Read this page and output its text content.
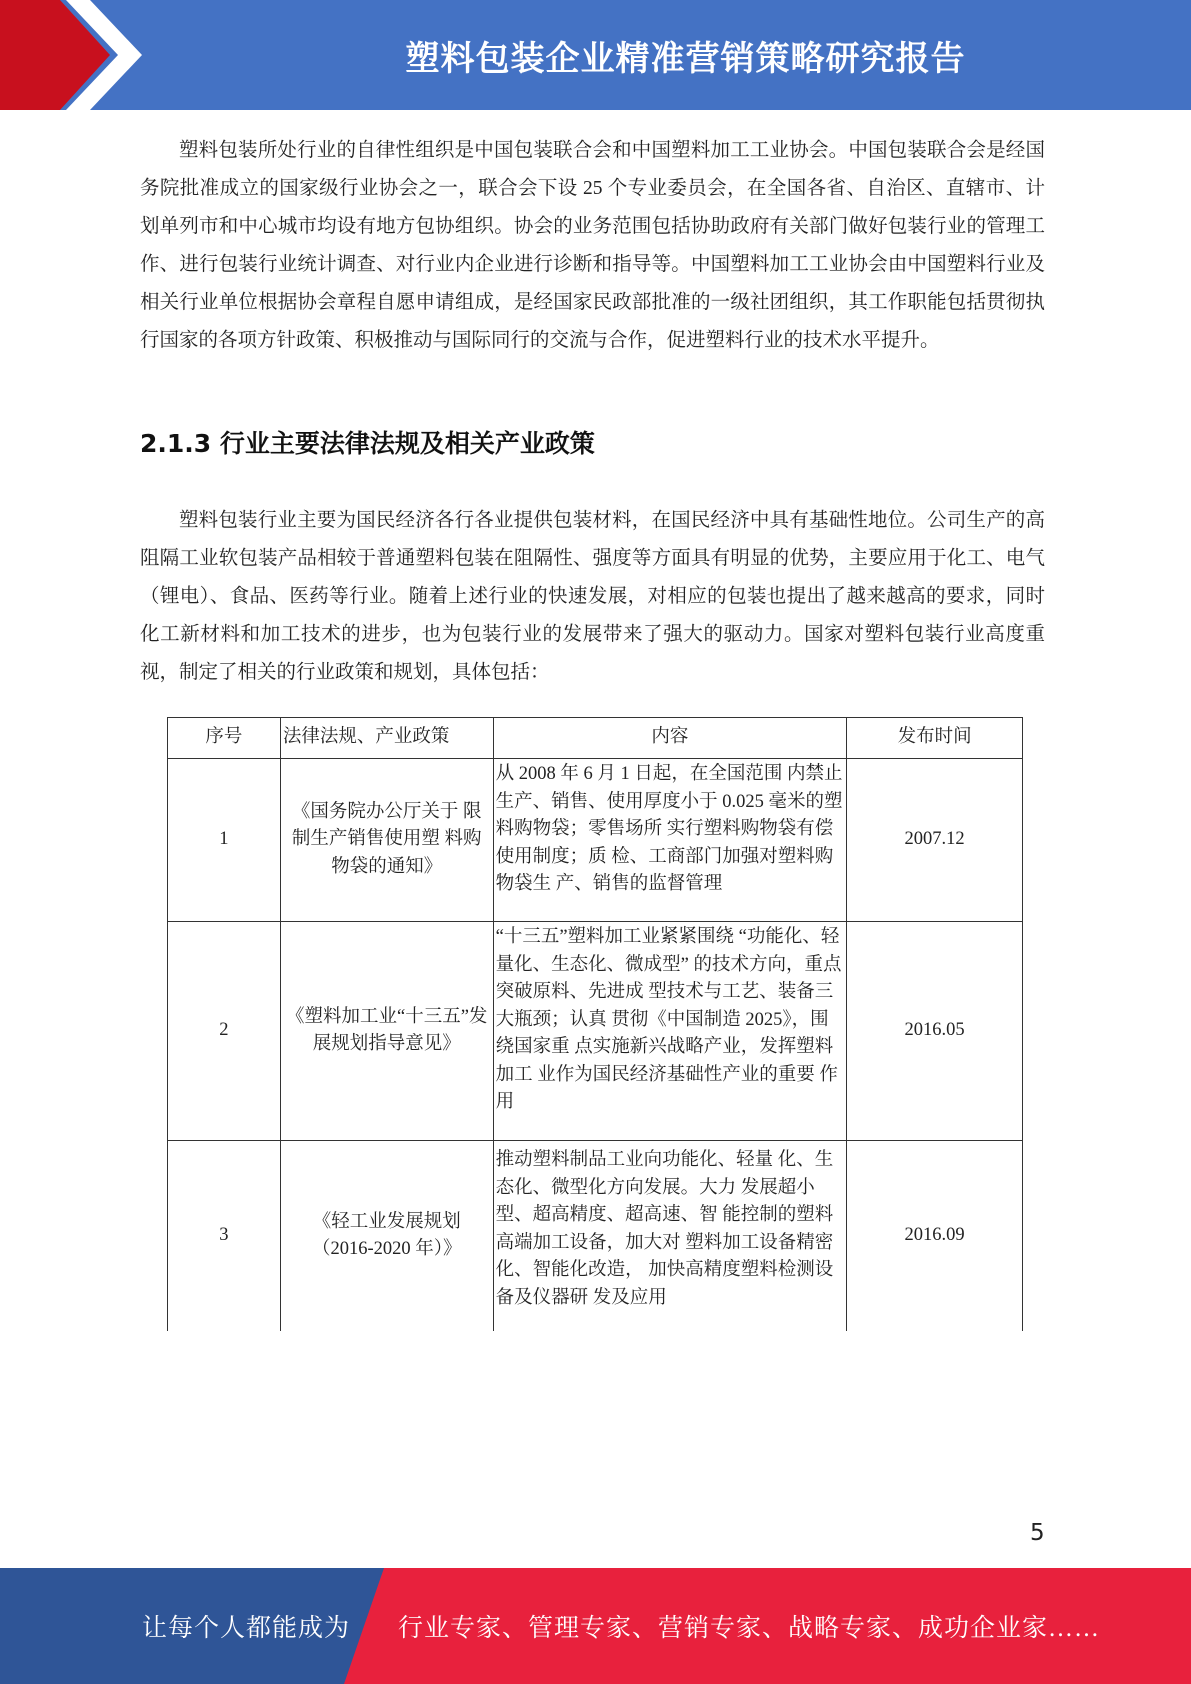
塑料包装企业精准营销策略研究报告

塑料包装所处行业的自律性组织是中国包装联合会和中国塑料加工工业协会。中国包装联合会是经国务院批准成立的国家级行业协会之一，联合会下设 25 个专业委员会，在全国各省、自治区、直辖市、计划单列市和中心城市均设有地方包协组织。协会的业务范围包括协助政府有关部门做好包装行业的管理工作、进行包装行业统计调查、对行业内企业进行诊断和指导等。中国塑料加工工业协会由中国塑料行业及相关行业单位根据协会章程自愿申请组成，是经国家民政部批准的一级社团组织，其工作职能包括贯彻执行国家的各项方针政策、积极推动与国际同行的交流与合作，促进塑料行业的技术水平提升。

2.1.3 行业主要法律法规及相关产业政策

塑料包装行业主要为国民经济各行各业提供包装材料，在国民经济中具有基础性地位。公司生产的高阻隔工业软包装产品相较于普通塑料包装在阻隔性、强度等方面具有明显的优势，主要应用于化工、电气（锂电）、食品、医药等行业。随着上述行业的快速发展，对相应的包装也提出了越来越高的要求，同时化工新材料和加工技术的进步，也为包装行业的发展带来了强大的驱动力。国家对塑料包装行业高度重视，制定了相关的行业政策和规划，具体包括：

序号	法律法规、产业政策	内容	发布时间
1	《国务院办公厅关于 限制生产销售使用塑 料购物袋的通知》	从 2008 年 6 月 1 日起，在全国范围 内禁止生产、销售、使用厚度小于 0.025 毫米的塑料购物袋；零售场所 实行塑料购物袋有偿使用制度；质 检、工商部门加强对塑料购物袋生 产、销售的监督管理	2007.12
2	《塑料加工业“十三五”发展规划指导意见》	“十三五”塑料加工业紧紧围绕 “功能化、轻量化、生态化、微成型” 的技术方向，重点突破原料、先进成 型技术与工艺、装备三大瓶颈；认真 贯彻《中国制造 2025》，围绕国家重 点实施新兴战略产业，发挥塑料加工 业作为国民经济基础性产业的重要 作用	2016.05
3	《轻工业发展规划（2016-2020 年）》	推动塑料制品工业向功能化、轻量 化、生态化、微型化方向发展。大力 发展超小型、超高精度、超高速、智 能控制的塑料高端加工设备，加大对 塑料加工设备精密化、智能化改造， 加快高精度塑料检测设备及仪器研 发及应用	2016.09
5
让每个人都能成为 行业专家、管理专家、营销专家、战略专家、成功企业家……
